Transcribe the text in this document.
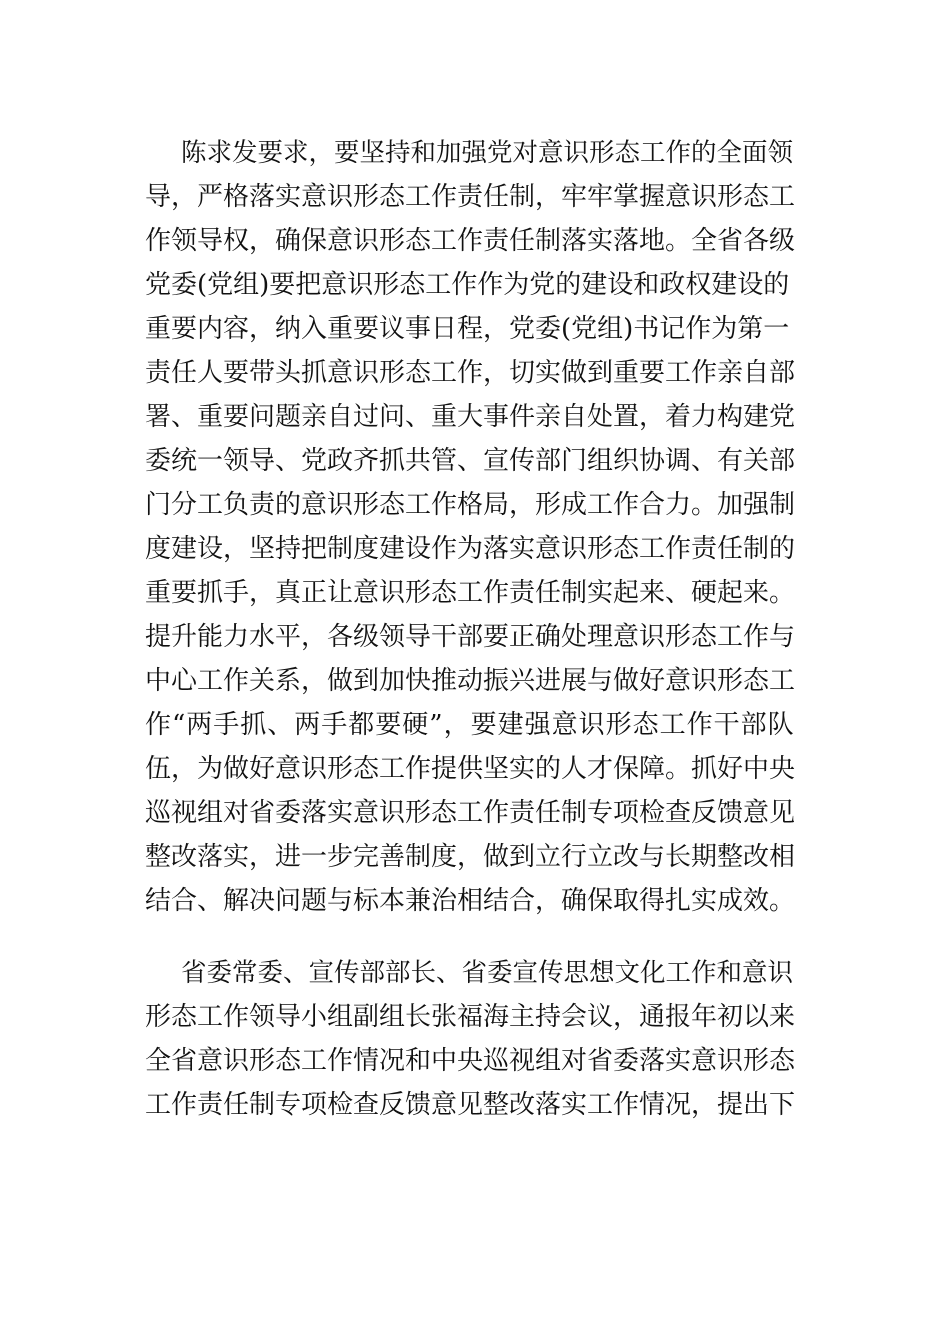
陈求发要求，要坚持和加强党对意识形态工作的全面领
导，严格落实意识形态工作责任制，牢牢掌握意识形态工
作领导权，确保意识形态工作责任制落实落地。全省各级
党委(党组)要把意识形态工作作为党的建设和政权建设的
重要内容，纳入重要议事日程，党委(党组)书记作为第一
责任人要带头抓意识形态工作，切实做到重要工作亲自部
署、重要问题亲自过问、重大事件亲自处置，着力构建党
委统一领导、党政齐抓共管、宣传部门组织协调、有关部
门分工负责的意识形态工作格局，形成工作合力。加强制
度建设，坚持把制度建设作为落实意识形态工作责任制的
重要抓手，真正让意识形态工作责任制实起来、硬起来。
提升能力水平，各级领导干部要正确处理意识形态工作与
中心工作关系，做到加快推动振兴进展与做好意识形态工
作“两手抓、两手都要硬”，要建强意识形态工作干部队
伍，为做好意识形态工作提供坚实的人才保障。抓好中央
巡视组对省委落实意识形态工作责任制专项检查反馈意见
整改落实，进一步完善制度，做到立行立改与长期整改相
结合、解决问题与标本兼治相结合，确保取得扎实成效。
省委常委、宣传部部长、省委宣传思想文化工作和意识
形态工作领导小组副组长张福海主持会议，通报年初以来
全省意识形态工作情况和中央巡视组对省委落实意识形态
工作责任制专项检查反馈意见整改落实工作情况，提出下
